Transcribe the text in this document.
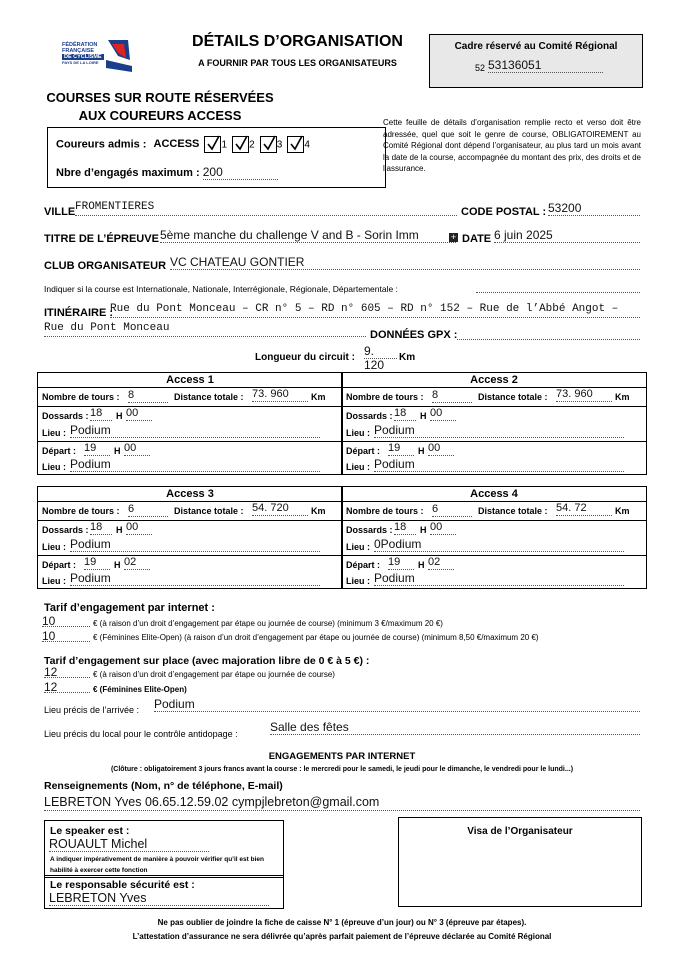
FÉDÉRATION
FRANÇAISE
DE CYCLISME
PAYS DE LA LOIRE
DÉTAILS D’ORGANISATION
A FOURNIR PAR TOUS LES ORGANISATEURS
Cadre réservé au Comité Régional
52 53136051
COURSES SUR ROUTE RÉSERVÉES
AUX COUREURS ACCESS
Coureurs admis : ACCESS 1 2 3 4
Nbre d’engagés maximum : 200
Cette feuille de détails d’organisation remplie recto et verso doit être adressée, quel que soit le genre de course, OBLIGATOIREMENT au Comité Régional dont dépend l’organisateur, au plus tard un mois avant la date de la course, accompagnée du montant des prix, des droits et de l’assurance.
VILLE FROMENTIERES	CODE POSTAL : 53200
TITRE DE L’ÉPREUVE 5ème manche du challenge V and B - Sorin Imm	+ DATE 6 juin 2025
CLUB ORGANISATEUR VC CHATEAU GONTIER
Indiquer si la course est Internationale, Nationale, Interrégionale, Régionale, Départementale :
ITINÉRAIRE :
Rue du Pont Monceau – CR n° 5 – RD n° 605 – RD n° 152 – Rue de l’Abbé Angot –
Rue du Pont Monceau
DONNÉES GPX :
Longueur du circuit : 9. 120
Km
Access 1
Nombre de tours : 8	Distance totale : 73. 960	Km
Dossards : 18	H 00
Lieu : Podium
Départ : 19	H 00
Lieu : Podium
Access 2
Nombre de tours : 8	Distance totale : 73. 960	Km
Dossards : 18	H 00
Lieu : Podium
Départ : 19	H 00
Lieu : Podium
Access 3
Nombre de tours : 6	Distance totale : 54. 720	Km
Dossards : 18	H 00
Lieu : Podium
Départ : 19	H 02
Lieu : Podium
Access 4
Nombre de tours : 6	Distance totale : 54. 72	Km
Dossards : 18	H 00
Lieu : 0Podium
Départ : 19	H 02
Lieu : Podium
Tarif d’engagement par internet :
10	€ (à raison d’un droit d’engagement par étape ou journée de course) (minimum 3 €/maximum 20 €)
10	€ (Féminines Elite-Open) (à raison d’un droit d’engagement par étape ou journée de course) (minimum 8,50 €/maximum 20 €)
Tarif d’engagement sur place (avec majoration libre de 0 € à 5 €) :
12	€ (à raison d’un droit d’engagement par étape ou journée de course)
12	€ (Féminines Elite-Open)
Lieu précis de l’arrivée : Podium
Lieu précis du local pour le contrôle antidopage :	Salle des fêtes
ENGAGEMENTS PAR INTERNET
(Clôture : obligatoirement 3 jours francs avant la course : le mercredi pour le samedi, le jeudi pour le dimanche, le vendredi pour le lundi...)
Renseignements (Nom, n° de téléphone, E-mail)
LEBRETON Yves 06.65.12.59.02 cympjlebreton@gmail.com
Le speaker est :
ROUAULT Michel
A indiquer impérativement de manière à pouvoir vérifier qu’il est bien habilité à exercer cette fonction
Le responsable sécurité est :
LEBRETON Yves
Visa de l’Organisateur
Ne pas oublier de joindre la fiche de caisse N° 1 (épreuve d’un jour) ou N° 3 (épreuve par étapes).
L’attestation d’assurance ne sera délivrée qu’après parfait paiement de l’épreuve déclarée au Comité Régional
